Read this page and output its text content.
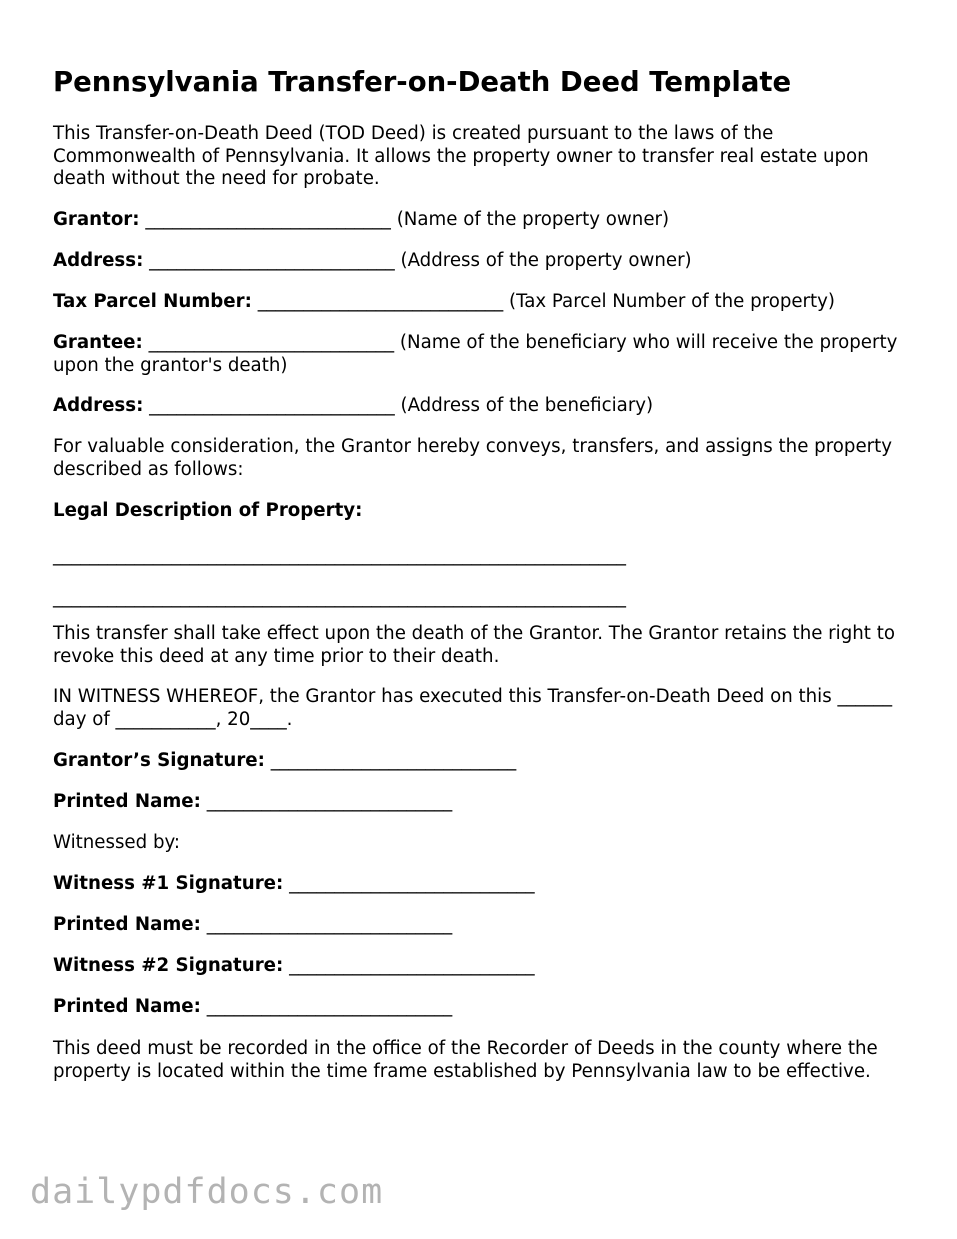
Pennsylvania Transfer-on-Death Deed Template

This Transfer-on-Death Deed (TOD Deed) is created pursuant to the laws of the Commonwealth of Pennsylvania. It allows the property owner to transfer real estate upon death without the need for probate.

Grantor: ___________________________ (Name of the property owner)

Address: ___________________________ (Address of the property owner)

Tax Parcel Number: ___________________________ (Tax Parcel Number of the property)

Grantee: ___________________________ (Name of the beneficiary who will receive the property upon the grantor's death)

Address: ___________________________ (Address of the beneficiary)

For valuable consideration, the Grantor hereby conveys, transfers, and assigns the property described as follows:

Legal Description of Property:

_______________________________________________________________

_______________________________________________________________

This transfer shall take effect upon the death of the Grantor. The Grantor retains the right to revoke this deed at any time prior to their death.

IN WITNESS WHEREOF, the Grantor has executed this Transfer-on-Death Deed on this ______ day of ___________, 20____.

Grantor’s Signature: ___________________________

Printed Name: ___________________________

Witnessed by:

Witness #1 Signature: ___________________________

Printed Name: ___________________________

Witness #2 Signature: ___________________________

Printed Name: ___________________________

This deed must be recorded in the office of the Recorder of Deeds in the county where the property is located within the time frame established by Pennsylvania law to be effective.

dailypdfdocs.com
